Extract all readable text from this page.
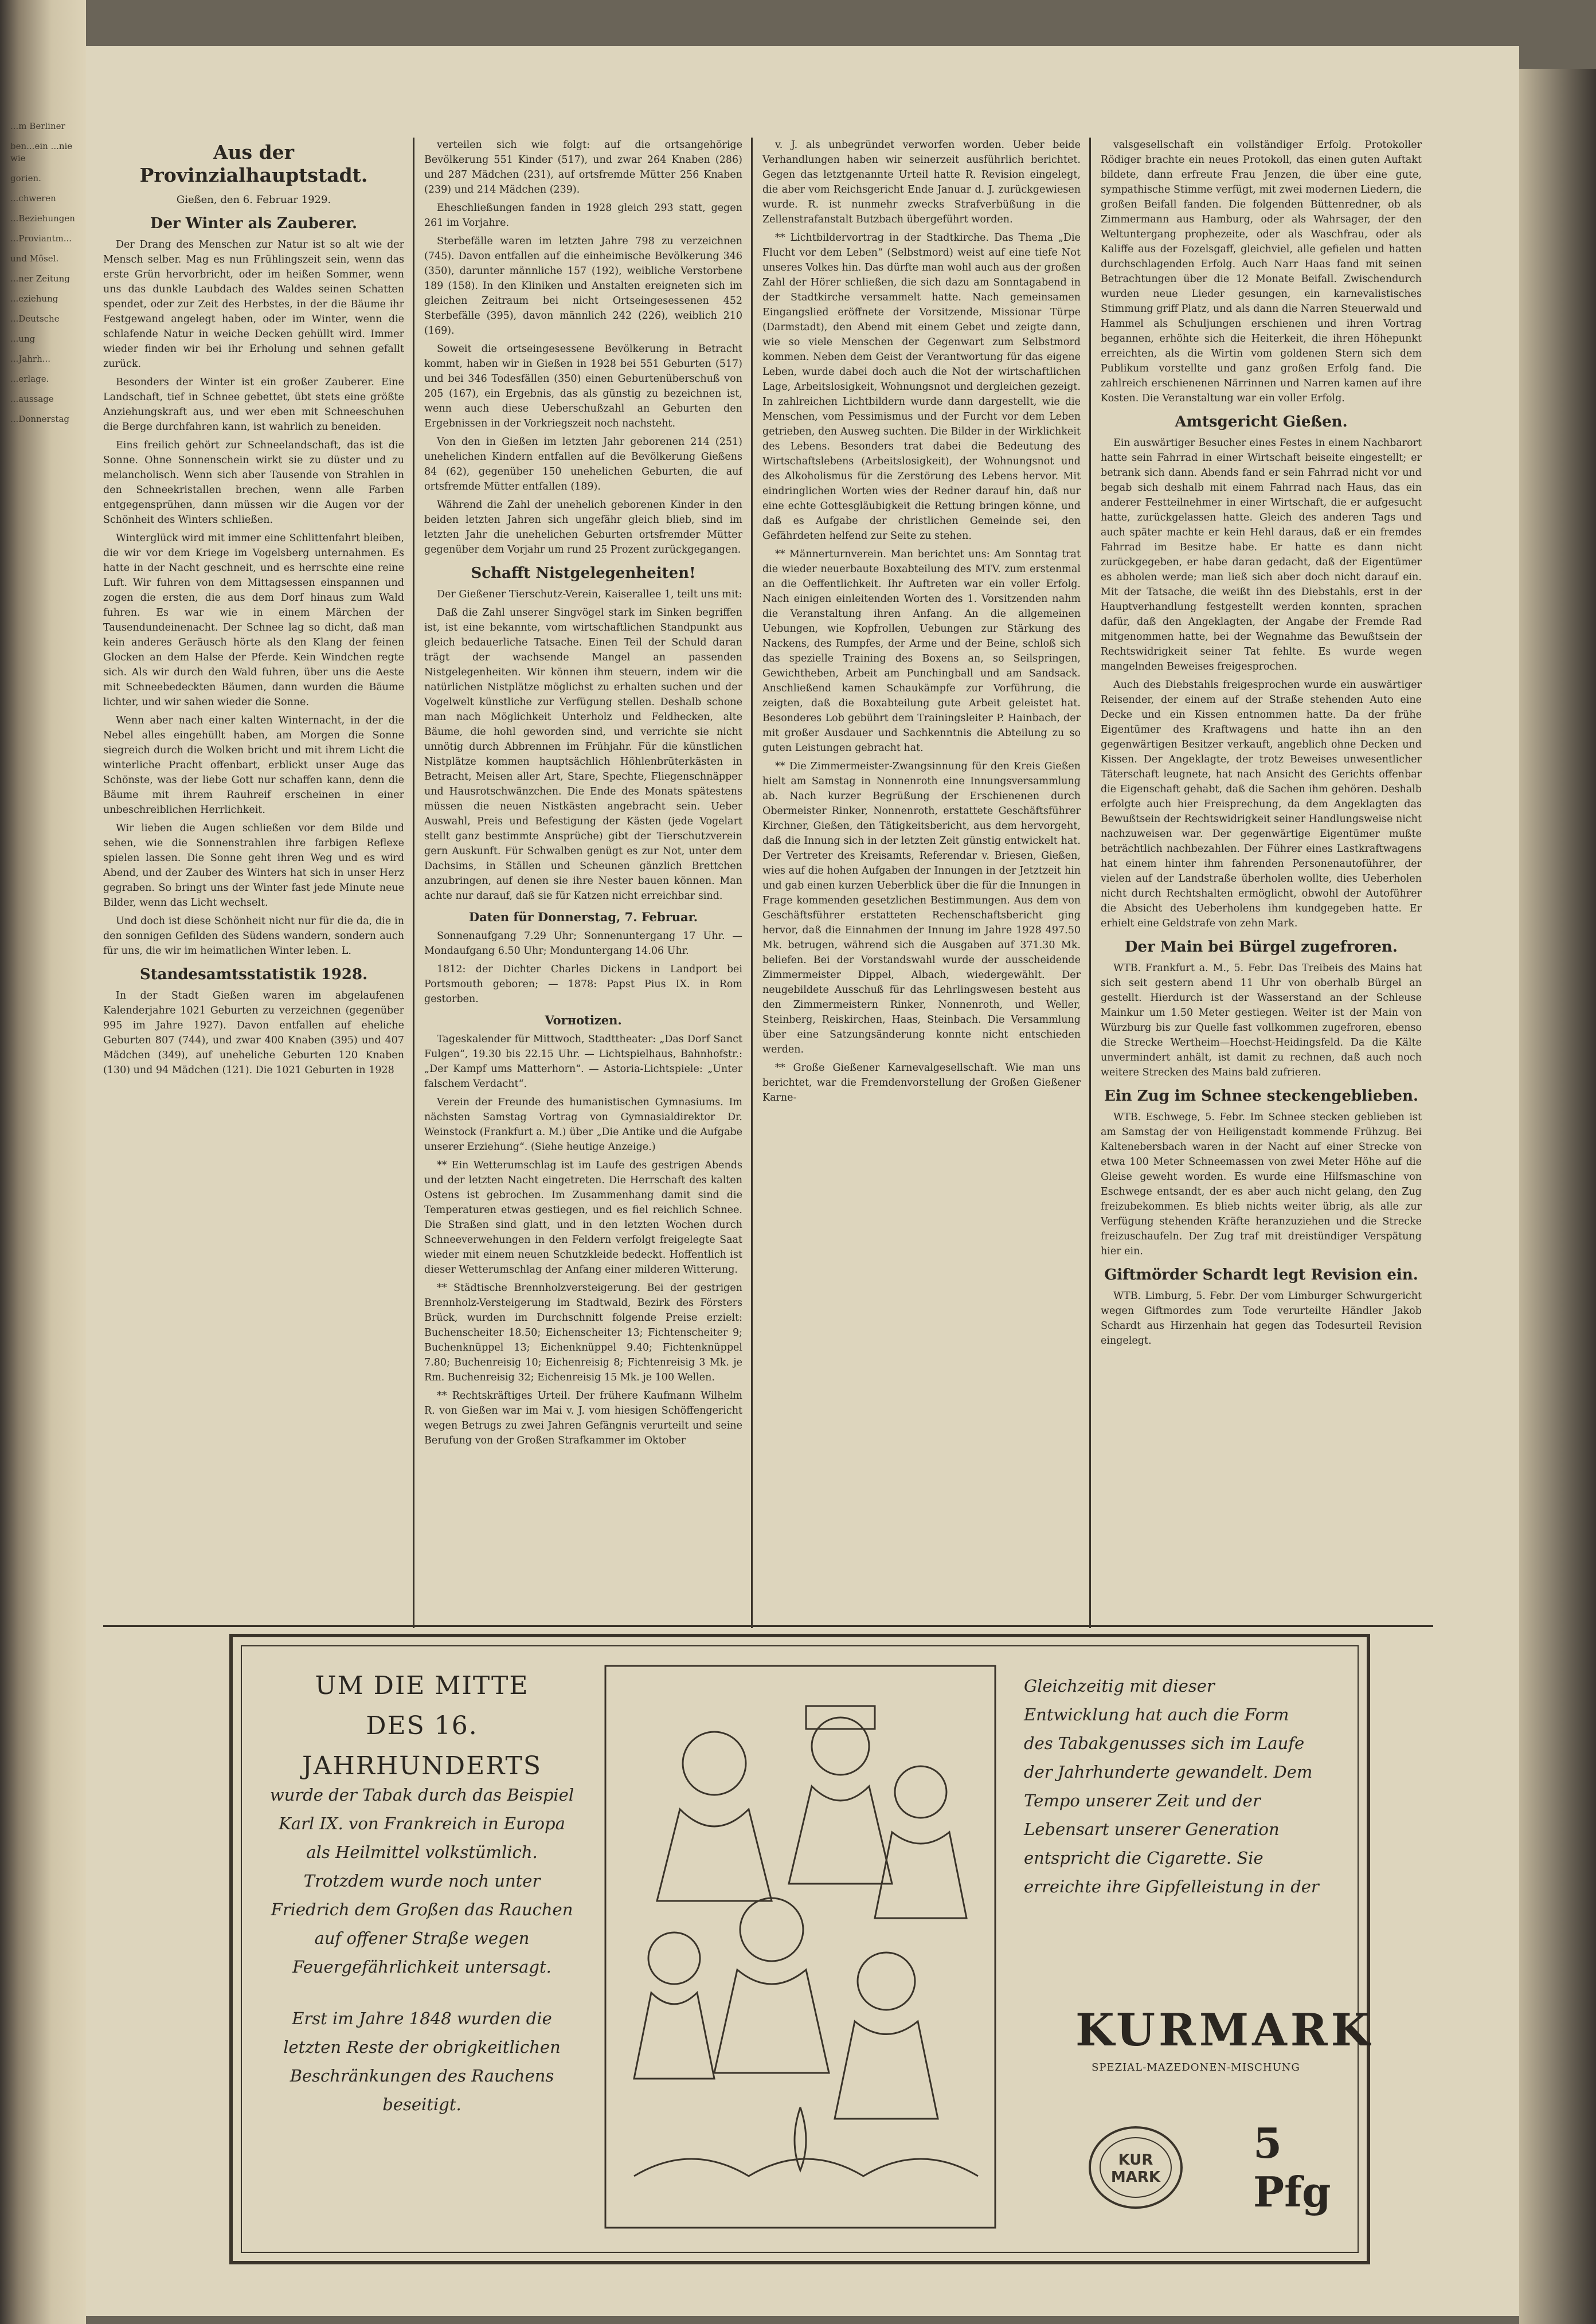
...m Berliner
ben...ein ...nie wie
gorien.
...chweren
...Beziehungen
...Proviantm...
und Mösel.
...ner Zeitung
...eziehung
...Deutsche
...ung
...Jahrh...
...erlage.
...aussage
...Donnerstag
Aus der Provinzialhauptstadt.
Gießen, den 6. Februar 1929.
Der Winter als Zauberer.

Der Drang des Menschen zur Natur ist so alt wie der Mensch selber. Mag es nun Frühlingszeit sein, wenn das erste Grün hervorbricht, oder im heißen Sommer, wenn uns das dunkle Laubdach des Waldes seinen Schatten spendet, oder zur Zeit des Herbstes, in der die Bäume ihr Festgewand angelegt haben, oder im Winter, wenn die schlafende Natur in weiche Decken gehüllt wird. Immer wieder finden wir bei ihr Erholung und sehnen gefallt zurück.

Besonders der Winter ist ein großer Zauberer. Eine Landschaft, tief in Schnee gebettet, übt stets eine größte Anziehungskraft aus, und wer eben mit Schneeschuhen die Berge durchfahren kann, ist wahrlich zu beneiden.

Eins freilich gehört zur Schneelandschaft, das ist die Sonne. Ohne Sonnenschein wirkt sie zu düster und zu melancholisch. Wenn sich aber Tausende von Strahlen in den Schneekristallen brechen, wenn alle Farben entgegensprühen, dann müssen wir die Augen vor der Schönheit des Winters schließen.

Winterglück wird mit immer eine Schlittenfahrt bleiben, die wir vor dem Kriege im Vogelsberg unternahmen. Es hatte in der Nacht geschneit, und es herrschte eine reine Luft. Wir fuhren von dem Mittagsessen einspannen und zogen die ersten, die aus dem Dorf hinaus zum Wald fuhren. Es war wie in einem Märchen der Tausendundeinenacht. Der Schnee lag so dicht, daß man kein anderes Geräusch hörte als den Klang der feinen Glocken an dem Halse der Pferde. Kein Windchen regte sich. Als wir durch den Wald fuhren, über uns die Aeste mit Schneebedeckten Bäumen, dann wurden die Bäume lichter, und wir sahen wieder die Sonne.

Wenn aber nach einer kalten Winternacht, in der die Nebel alles eingehüllt haben, am Morgen die Sonne siegreich durch die Wolken bricht und mit ihrem Licht die winterliche Pracht offenbart, erblickt unser Auge das Schönste, was der liebe Gott nur schaffen kann, denn die Bäume mit ihrem Rauhreif erscheinen in einer unbeschreiblichen Herrlichkeit.

Wir lieben die Augen schließen vor dem Bilde und sehen, wie die Sonnenstrahlen ihre farbigen Reflexe spielen lassen. Die Sonne geht ihren Weg und es wird Abend, und der Zauber des Winters hat sich in unser Herz gegraben. So bringt uns der Winter fast jede Minute neue Bilder, wenn das Licht wechselt.

Und doch ist diese Schönheit nicht nur für die da, die in den sonnigen Gefilden des Südens wandern, sondern auch für uns, die wir im heimatlichen Winter leben. L.

Standesamtsstatistik 1928.

In der Stadt Gießen waren im abgelaufenen Kalenderjahre 1021 Geburten zu verzeichnen (gegenüber 995 im Jahre 1927). Davon entfallen auf eheliche Geburten 807 (744), und zwar 400 Knaben (395) und 407 Mädchen (349), auf uneheliche Geburten 120 Knaben (130) und 94 Mädchen (121). Die 1021 Geburten in 1928

verteilen sich wie folgt: auf die ortsangehörige Bevölkerung 551 Kinder (517), und zwar 264 Knaben (286) und 287 Mädchen (231), auf ortsfremde Mütter 256 Knaben (239) und 214 Mädchen (239).

Eheschließungen fanden in 1928 gleich 293 statt, gegen 261 im Vorjahre.

Sterbefälle waren im letzten Jahre 798 zu verzeichnen (745). Davon entfallen auf die einheimische Bevölkerung 346 (350), darunter männliche 157 (192), weibliche Verstorbene 189 (158). In den Kliniken und Anstalten ereigneten sich im gleichen Zeitraum bei nicht Ortseingesessenen 452 Sterbefälle (395), davon männlich 242 (226), weiblich 210 (169).

Soweit die ortseingesessene Bevölkerung in Betracht kommt, haben wir in Gießen in 1928 bei 551 Geburten (517) und bei 346 Todesfällen (350) einen Geburtenüberschuß von 205 (167), ein Ergebnis, das als günstig zu bezeichnen ist, wenn auch diese Ueberschußzahl an Geburten den Ergebnissen in der Vorkriegszeit noch nachsteht.

Von den in Gießen im letzten Jahr geborenen 214 (251) unehelichen Kindern entfallen auf die Bevölkerung Gießens 84 (62), gegenüber 150 unehelichen Geburten, die auf ortsfremde Mütter entfallen (189).

Während die Zahl der unehelich geborenen Kinder in den beiden letzten Jahren sich ungefähr gleich blieb, sind im letzten Jahr die unehelichen Geburten ortsfremder Mütter gegenüber dem Vorjahr um rund 25 Prozent zurückgegangen.

Schafft Nistgelegenheiten!

Der Gießener Tierschutz-Verein, Kaiserallee 1, teilt uns mit:

Daß die Zahl unserer Singvögel stark im Sinken begriffen ist, ist eine bekannte, vom wirtschaftlichen Standpunkt aus gleich bedauerliche Tatsache. Einen Teil der Schuld daran trägt der wachsende Mangel an passenden Nistgelegenheiten. Wir können ihm steuern, indem wir die natürlichen Nistplätze möglichst zu erhalten suchen und der Vogelwelt künstliche zur Verfügung stellen. Deshalb schone man nach Möglichkeit Unterholz und Feldhecken, alte Bäume, die hohl geworden sind, und verrichte sie nicht unnötig durch Abbrennen im Frühjahr. Für die künstlichen Nistplätze kommen hauptsächlich Höhlenbrüterkästen in Betracht, Meisen aller Art, Stare, Spechte, Fliegenschnäpper und Hausrotschwänzchen. Die Ende des Monats spätestens müssen die neuen Nistkästen angebracht sein. Ueber Auswahl, Preis und Befestigung der Kästen (jede Vogelart stellt ganz bestimmte Ansprüche) gibt der Tierschutzverein gern Auskunft. Für Schwalben genügt es zur Not, unter dem Dachsims, in Ställen und Scheunen gänzlich Brettchen anzubringen, auf denen sie ihre Nester bauen können. Man achte nur darauf, daß sie für Katzen nicht erreichbar sind.

Daten für Donnerstag, 7. Februar.

Sonnenaufgang 7.29 Uhr; Sonnenuntergang 17 Uhr. — Mondaufgang 6.50 Uhr; Monduntergang 14.06 Uhr.

1812: der Dichter Charles Dickens in Landport bei Portsmouth geboren; — 1878: Papst Pius IX. in Rom gestorben.

Vorнotizen.

Tageskalender für Mittwoch, Stadttheater: „Das Dorf Sanct Fulgen“, 19.30 bis 22.15 Uhr. — Lichtspielhaus, Bahnhofstr.: „Der Kampf ums Matterhorn“. — Astoria-Lichtspiele: „Unter falschem Verdacht“.

Verein der Freunde des humanistischen Gymnasiums. Im nächsten Samstag Vortrag von Gymnasialdirektor Dr. Weinstock (Frankfurt a. M.) über „Die Antike und die Aufgabe unserer Erziehung“. (Siehe heutige Anzeige.)

** Ein Wetterumschlag ist im Laufe des gestrigen Abends und der letzten Nacht eingetreten. Die Herrschaft des kalten Ostens ist gebrochen. Im Zusammenhang damit sind die Temperaturen etwas gestiegen, und es fiel reichlich Schnee. Die Straßen sind glatt, und in den letzten Wochen durch Schneeverwehungen in den Feldern verfolgt freigelegte Saat wieder mit einem neuen Schutzkleide bedeckt. Hoffentlich ist dieser Wetterumschlag der Anfang einer milderen Witterung.

** Städtische Brennholzversteigerung. Bei der gestrigen Brennholz-Versteigerung im Stadtwald, Bezirk des Försters Brück, wurden im Durchschnitt folgende Preise erzielt: Buchenscheiter 18.50; Eichenscheiter 13; Fichtenscheiter 9; Buchenknüppel 13; Eichenknüppel 9.40; Fichtenknüppel 7.80; Buchenreisig 10; Eichenreisig 8; Fichtenreisig 3 Mk. je Rm. Buchenreisig 32; Eichenreisig 15 Mk. je 100 Wellen.

** Rechtskräftiges Urteil. Der frühere Kaufmann Wilhelm R. von Gießen war im Mai v. J. vom hiesigen Schöffengericht wegen Betrugs zu zwei Jahren Gefängnis verurteilt und seine Berufung von der Großen Strafkammer im Oktober

v. J. als unbegründet verworfen worden. Ueber beide Verhandlungen haben wir seinerzeit ausführlich berichtet. Gegen das letztgenannte Urteil hatte R. Revision eingelegt, die aber vom Reichsgericht Ende Januar d. J. zurückgewiesen wurde. R. ist nunmehr zwecks Strafverbüßung in die Zellenstrafanstalt Butzbach übergeführt worden.

** Lichtbildervortrag in der Stadtkirche. Das Thema „Die Flucht vor dem Leben“ (Selbstmord) weist auf eine tiefe Not unseres Volkes hin. Das dürfte man wohl auch aus der großen Zahl der Hörer schließen, die sich dazu am Sonntagabend in der Stadtkirche versammelt hatte. Nach gemeinsamen Eingangslied eröffnete der Vorsitzende, Missionar Türpe (Darmstadt), den Abend mit einem Gebet und zeigte dann, wie so viele Menschen der Gegenwart zum Selbstmord kommen. Neben dem Geist der Verantwortung für das eigene Leben, wurde dabei doch auch die Not der wirtschaftlichen Lage, Arbeitslosigkeit, Wohnungsnot und dergleichen gezeigt. In zahlreichen Lichtbildern wurde dann dargestellt, wie die Menschen, vom Pessimismus und der Furcht vor dem Leben getrieben, den Ausweg suchten. Die Bilder in der Wirklichkeit des Lebens. Besonders trat dabei die Bedeutung des Wirtschaftslebens (Arbeitslosigkeit), der Wohnungsnot und des Alkoholismus für die Zerstörung des Lebens hervor. Mit eindringlichen Worten wies der Redner darauf hin, daß nur eine echte Gottesgläubigkeit die Rettung bringen könne, und daß es Aufgabe der christlichen Gemeinde sei, den Gefährdeten helfend zur Seite zu stehen.

** Männerturnverein. Man berichtet uns: Am Sonntag trat die wieder neuerbaute Boxabteilung des MTV. zum erstenmal an die Oeffentlichkeit. Ihr Auftreten war ein voller Erfolg. Nach einigen einleitenden Worten des 1. Vorsitzenden nahm die Veranstaltung ihren Anfang. An die allgemeinen Uebungen, wie Kopfrollen, Uebungen zur Stärkung des Nackens, des Rumpfes, der Arme und der Beine, schloß sich das spezielle Training des Boxens an, so Seilspringen, Gewichtheben, Arbeit am Punchingball und am Sandsack. Anschließend kamen Schaukämpfe zur Vorführung, die zeigten, daß die Boxabteilung gute Arbeit geleistet hat. Besonderes Lob gebührt dem Trainingsleiter P. Hainbach, der mit großer Ausdauer und Sachkenntnis die Abteilung zu so guten Leistungen gebracht hat.

** Die Zimmermeister-Zwangsinnung für den Kreis Gießen hielt am Samstag in Nonnenroth eine Innungsversammlung ab. Nach kurzer Begrüßung der Erschienenen durch Obermeister Rinker, Nonnenroth, erstattete Geschäftsführer Kirchner, Gießen, den Tätigkeitsbericht, aus dem hervorgeht, daß die Innung sich in der letzten Zeit günstig entwickelt hat. Der Vertreter des Kreisamts, Referendar v. Briesen, Gießen, wies auf die hohen Aufgaben der Innungen in der Jetztzeit hin und gab einen kurzen Ueberblick über die für die Innungen in Frage kommenden gesetzlichen Bestimmungen. Aus dem von Geschäftsführer erstatteten Rechenschaftsbericht ging hervor, daß die Einnahmen der Innung im Jahre 1928 497.50 Mk. betrugen, während sich die Ausgaben auf 371.30 Mk. beliefen. Bei der Vorstandswahl wurde der ausscheidende Zimmermeister Dippel, Albach, wiedergewählt. Der neugebildete Ausschuß für das Lehrlingswesen besteht aus den Zimmermeistern Rinker, Nonnenroth, und Weller, Steinberg, Reiskirchen, Haas, Steinbach. Die Versammlung über eine Satzungsänderung konnte nicht entschieden werden.

** Große Gießener Karnevalgesellschaft. Wie man uns berichtet, war die Fremdenvorstellung der Großen Gießener Karne-

valsgesellschaft ein vollständiger Erfolg. Protokoller Rödiger brachte ein neues Protokoll, das einen guten Auftakt bildete, dann erfreute Frau Jenzen, die über eine gute, sympathische Stimme verfügt, mit zwei modernen Liedern, die großen Beifall fanden. Die folgenden Büttenredner, ob als Zimmermann aus Hamburg, oder als Wahrsager, der den Weltuntergang prophezeite, oder als Waschfrau, oder als Kaliffe aus der Fozelsgaff, gleichviel, alle gefielen und hatten durchschlagenden Erfolg. Auch Narr Haas fand mit seinen Betrachtungen über die 12 Monate Beifall. Zwischendurch wurden neue Lieder gesungen, ein karnevalistisches Stimmung griff Platz, und als dann die Narren Steuerwald und Hammel als Schuljungen erschienen und ihren Vortrag begannen, erhöhte sich die Heiterkeit, die ihren Höhepunkt erreichten, als die Wirtin vom goldenen Stern sich dem Publikum vorstellte und ganz großen Erfolg fand. Die zahlreich erschienenen Närrinnen und Narren kamen auf ihre Kosten. Die Veranstaltung war ein voller Erfolg.

Amtsgericht Gießen.

Ein auswärtiger Besucher eines Festes in einem Nachbarort hatte sein Fahrrad in einer Wirtschaft beiseite eingestellt; er betrank sich dann. Abends fand er sein Fahrrad nicht vor und begab sich deshalb mit einem Fahrrad nach Haus, das ein anderer Festteilnehmer in einer Wirtschaft, die er aufgesucht hatte, zurückgelassen hatte. Gleich des anderen Tags und auch später machte er kein Hehl daraus, daß er ein fremdes Fahrrad im Besitze habe. Er hatte es dann nicht zurückgegeben, er habe daran gedacht, daß der Eigentümer es abholen werde; man ließ sich aber doch nicht darauf ein. Mit der Tatsache, die weißt ihn des Diebstahls, erst in der Hauptverhandlung festgestellt werden konnten, sprachen dafür, daß den Angeklagten, der Angabe der Fremde Rad mitgenommen hatte, bei der Wegnahme das Bewußtsein der Rechtswidrigkeit seiner Tat fehlte. Es wurde wegen mangelnden Beweises freigesprochen.

Auch des Diebstahls freigesprochen wurde ein auswärtiger Reisender, der einem auf der Straße stehenden Auto eine Decke und ein Kissen entnommen hatte. Da der frühe Eigentümer des Kraftwagens und hatte ihn an den gegenwärtigen Besitzer verkauft, angeblich ohne Decken und Kissen. Der Angeklagte, der trotz Beweises unwesentlicher Täterschaft leugnete, hat nach Ansicht des Gerichts offenbar die Eigenschaft gehabt, daß die Sachen ihm gehören. Deshalb erfolgte auch hier Freisprechung, da dem Angeklagten das Bewußtsein der Rechtswidrigkeit seiner Handlungsweise nicht nachzuweisen war. Der gegenwärtige Eigentümer mußte beträchtlich nachbezahlen. Der Führer eines Lastkraftwagens hat einem hinter ihm fahrenden Personenautoführer, der vielen auf der Landstraße überholen wollte, dies Ueberholen nicht durch Rechtshalten ermöglicht, obwohl der Autoführer die Absicht des Ueberholens ihm kundgegeben hatte. Er erhielt eine Geldstrafe von zehn Mark.

Der Main bei Bürgel zugefroren.

WTB. Frankfurt a. M., 5. Febr. Das Treibeis des Mains hat sich seit gestern abend 11 Uhr von oberhalb Bürgel an gestellt. Hierdurch ist der Wasserstand an der Schleuse Mainkur um 1.50 Meter gestiegen. Weiter ist der Main von Würzburg bis zur Quelle fast vollkommen zugefroren, ebenso die Strecke Wertheim—Hoechst-Heidingsfeld. Da die Kälte unvermindert anhält, ist damit zu rechnen, daß auch noch weitere Strecken des Mains bald zufrieren.

Ein Zug im Schnee steckengeblieben.

WTB. Eschwege, 5. Febr. Im Schnee stecken geblieben ist am Samstag der von Heiligenstadt kommende Frühzug. Bei Kaltenebersbach waren in der Nacht auf einer Strecke von etwa 100 Meter Schneemassen von zwei Meter Höhe auf die Gleise geweht worden. Es wurde eine Hilfsmaschine von Eschwege entsandt, der es aber auch nicht gelang, den Zug freizubekommen. Es blieb nichts weiter übrig, als alle zur Verfügung stehenden Kräfte heranzuziehen und die Strecke freizuschaufeln. Der Zug traf mit dreistündiger Verspätung hier ein.

Giftmörder Schardt legt Revision ein.

WTB. Limburg, 5. Febr. Der vom Limburger Schwurgericht wegen Giftmordes zum Tode verurteilte Händler Jakob Schardt aus Hirzenhain hat gegen das Todesurteil Revision eingelegt.

UM DIE MITTE
DES 16. JAHRHUNDERTS
wurde der Tabak durch das Beispiel Karl IX. von Frankreich in Europa als Heilmittel volkstümlich. Trotzdem wurde noch unter Friedrich dem Großen das Rauchen auf offener Straße wegen Feuergefährlichkeit untersagt.
Erst im Jahre 1848 wurden die letzten Reste der obrigkeitlichen Beschränkungen des Rauchens beseitigt.
Gleichzeitig mit dieser Entwicklung hat auch die Form des Tabakgenusses sich im Laufe der Jahrhunderte gewandelt. Dem Tempo unserer Zeit und der Lebensart unserer Generation entspricht die Cigarette. Sie erreichte ihre Gipfelleistung in der
KURMARK
SPEZIAL-MAZEDONEN-MISCHUNG
KUR
MARK
5 Pfg
